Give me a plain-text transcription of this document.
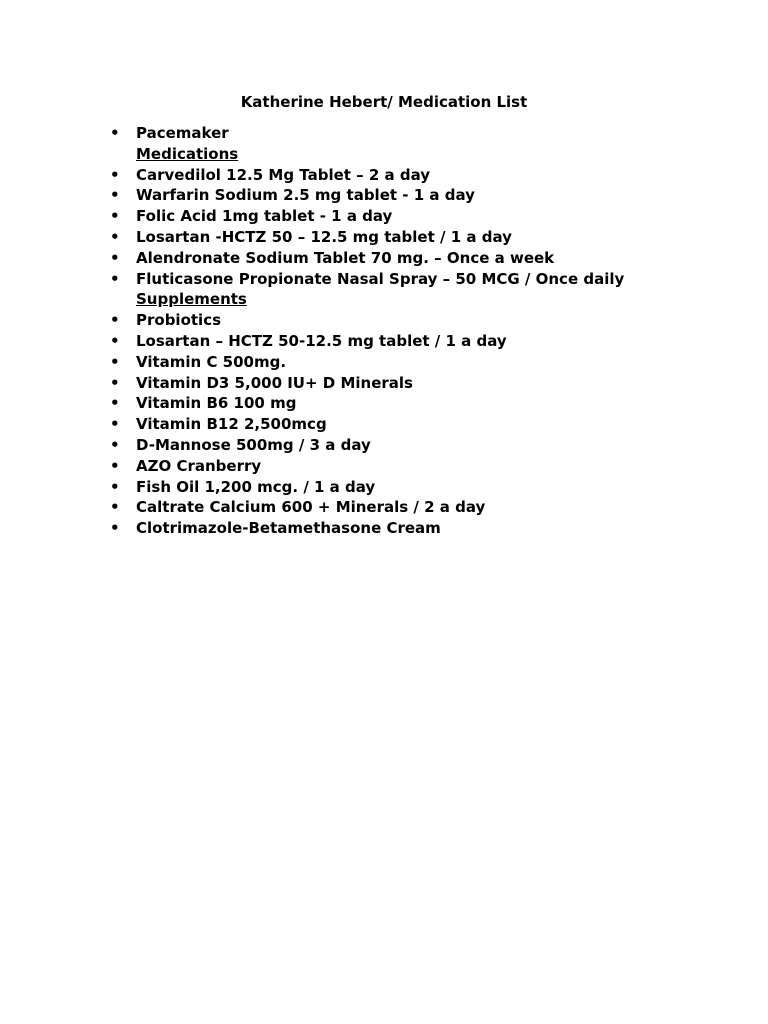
Katherine Hebert/ Medication List
•	Pacemaker
Medications
•	Carvedilol 12.5 Mg Tablet – 2 a day
•	Warfarin Sodium 2.5 mg tablet - 1 a day
•	Folic Acid 1mg tablet - 1 a day
•	Losartan -HCTZ 50 – 12.5 mg tablet / 1 a day
•	Alendronate Sodium Tablet 70 mg. – Once a week
•	Fluticasone Propionate Nasal Spray – 50 MCG / Once daily
Supplements
•	Probiotics
•	Losartan – HCTZ 50-12.5 mg tablet / 1 a day
•	Vitamin C 500mg.
•	Vitamin D3 5,000 IU+ D Minerals
•	Vitamin B6 100 mg
•	Vitamin B12 2,500mcg
•	D-Mannose 500mg / 3 a day
•	AZO Cranberry
•	Fish Oil 1,200 mcg. / 1 a day
•	Caltrate Calcium 600 + Minerals / 2 a day
•	Clotrimazole-Betamethasone Cream
